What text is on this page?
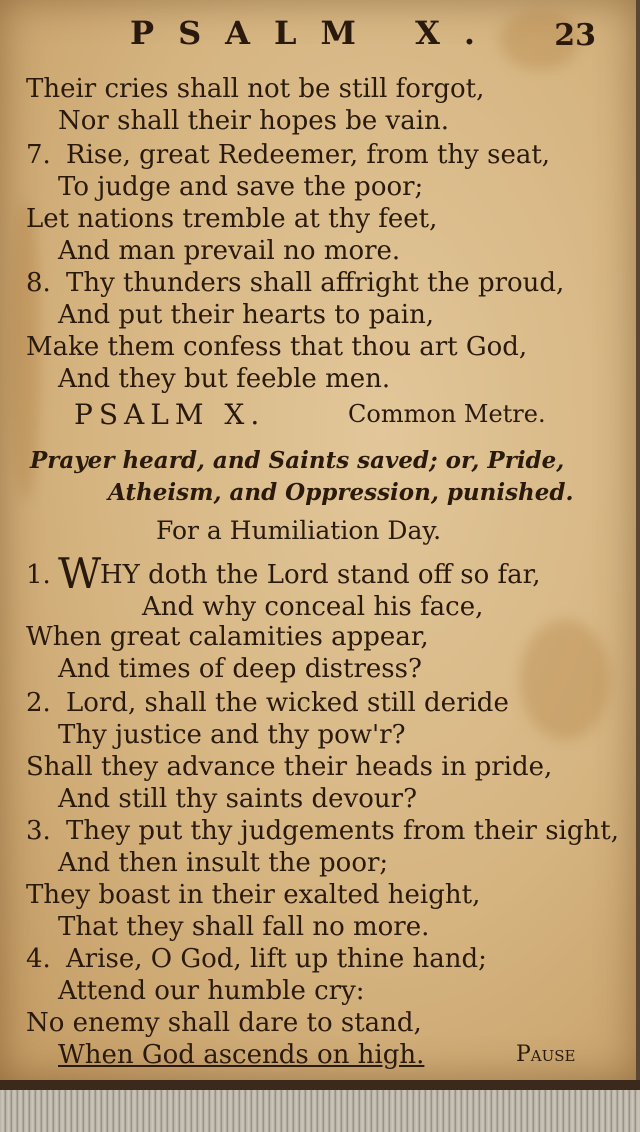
PSALM X. 23
Their cries shall not be still forgot,
Nor shall their hopes be vain.
7. Rise, great Redeemer, from thy seat,
To judge and save the poor;
Let nations tremble at thy feet,
And man prevail no more.
8. Thy thunders shall affright the proud,
And put their hearts to pain,
Make them confess that thou art God,
And they but feeble men.
PSALM X.	Common Metre.
Prayer heard, and Saints saved; or, Pride,
Atheism, and Oppression, punished.
For a Humiliation Day.
1. W
HY doth the Lord stand off so far,
And why conceal his face,
When great calamities appear,
And times of deep distress?
2. Lord, shall the wicked still deride
Thy justice and thy pow'r?
Shall they advance their heads in pride,
And still thy saints devour?
3. They put thy judgements from their sight,
And then insult the poor;
They boast in their exalted height,
That they shall fall no more.
4. Arise, O God, lift up thine hand;
Attend our humble cry:
No enemy shall dare to stand,
When God ascends on high.	Pause
